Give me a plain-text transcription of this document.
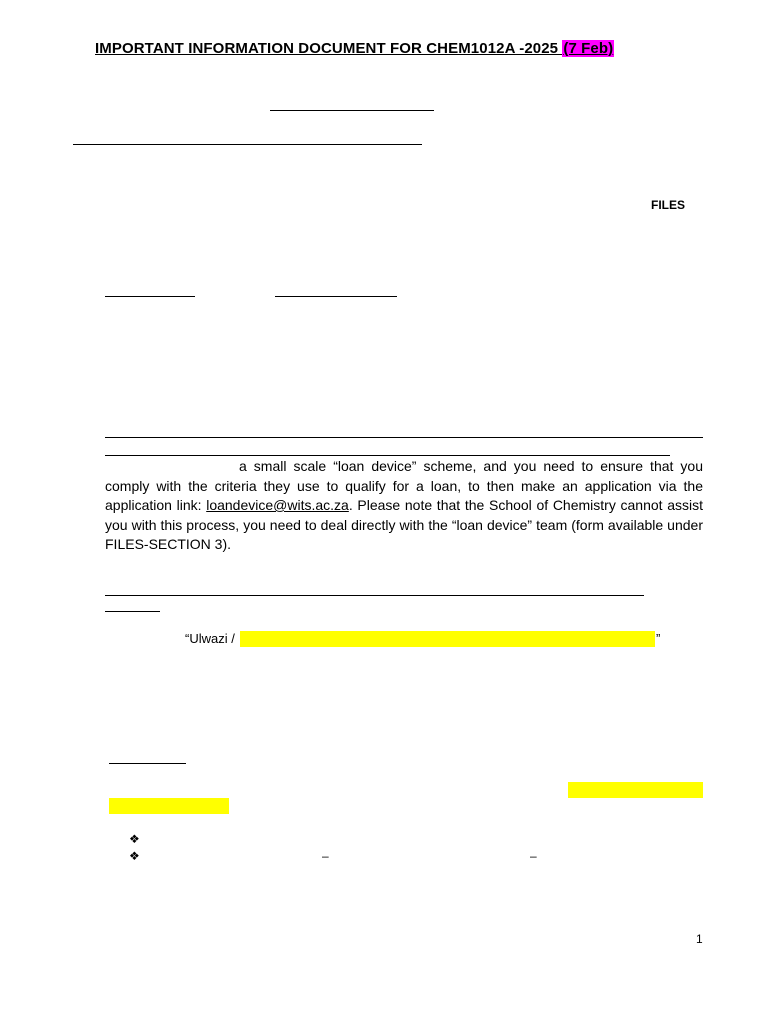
IMPORTANT INFORMATION DOCUMENT FOR CHEM1012A -2025 (7 Feb)
FILES
a small scale “loan device” scheme, and you need to ensure that you comply with the criteria they use to qualify for a loan, to then make an application via the application link: loandevice@wits.ac.za. Please note that the School of Chemistry cannot assist you with this process, you need to deal directly with the “loan device” team (form available under FILES-SECTION 3).
“Ulwazi /	”
❖
❖	–	–
1
